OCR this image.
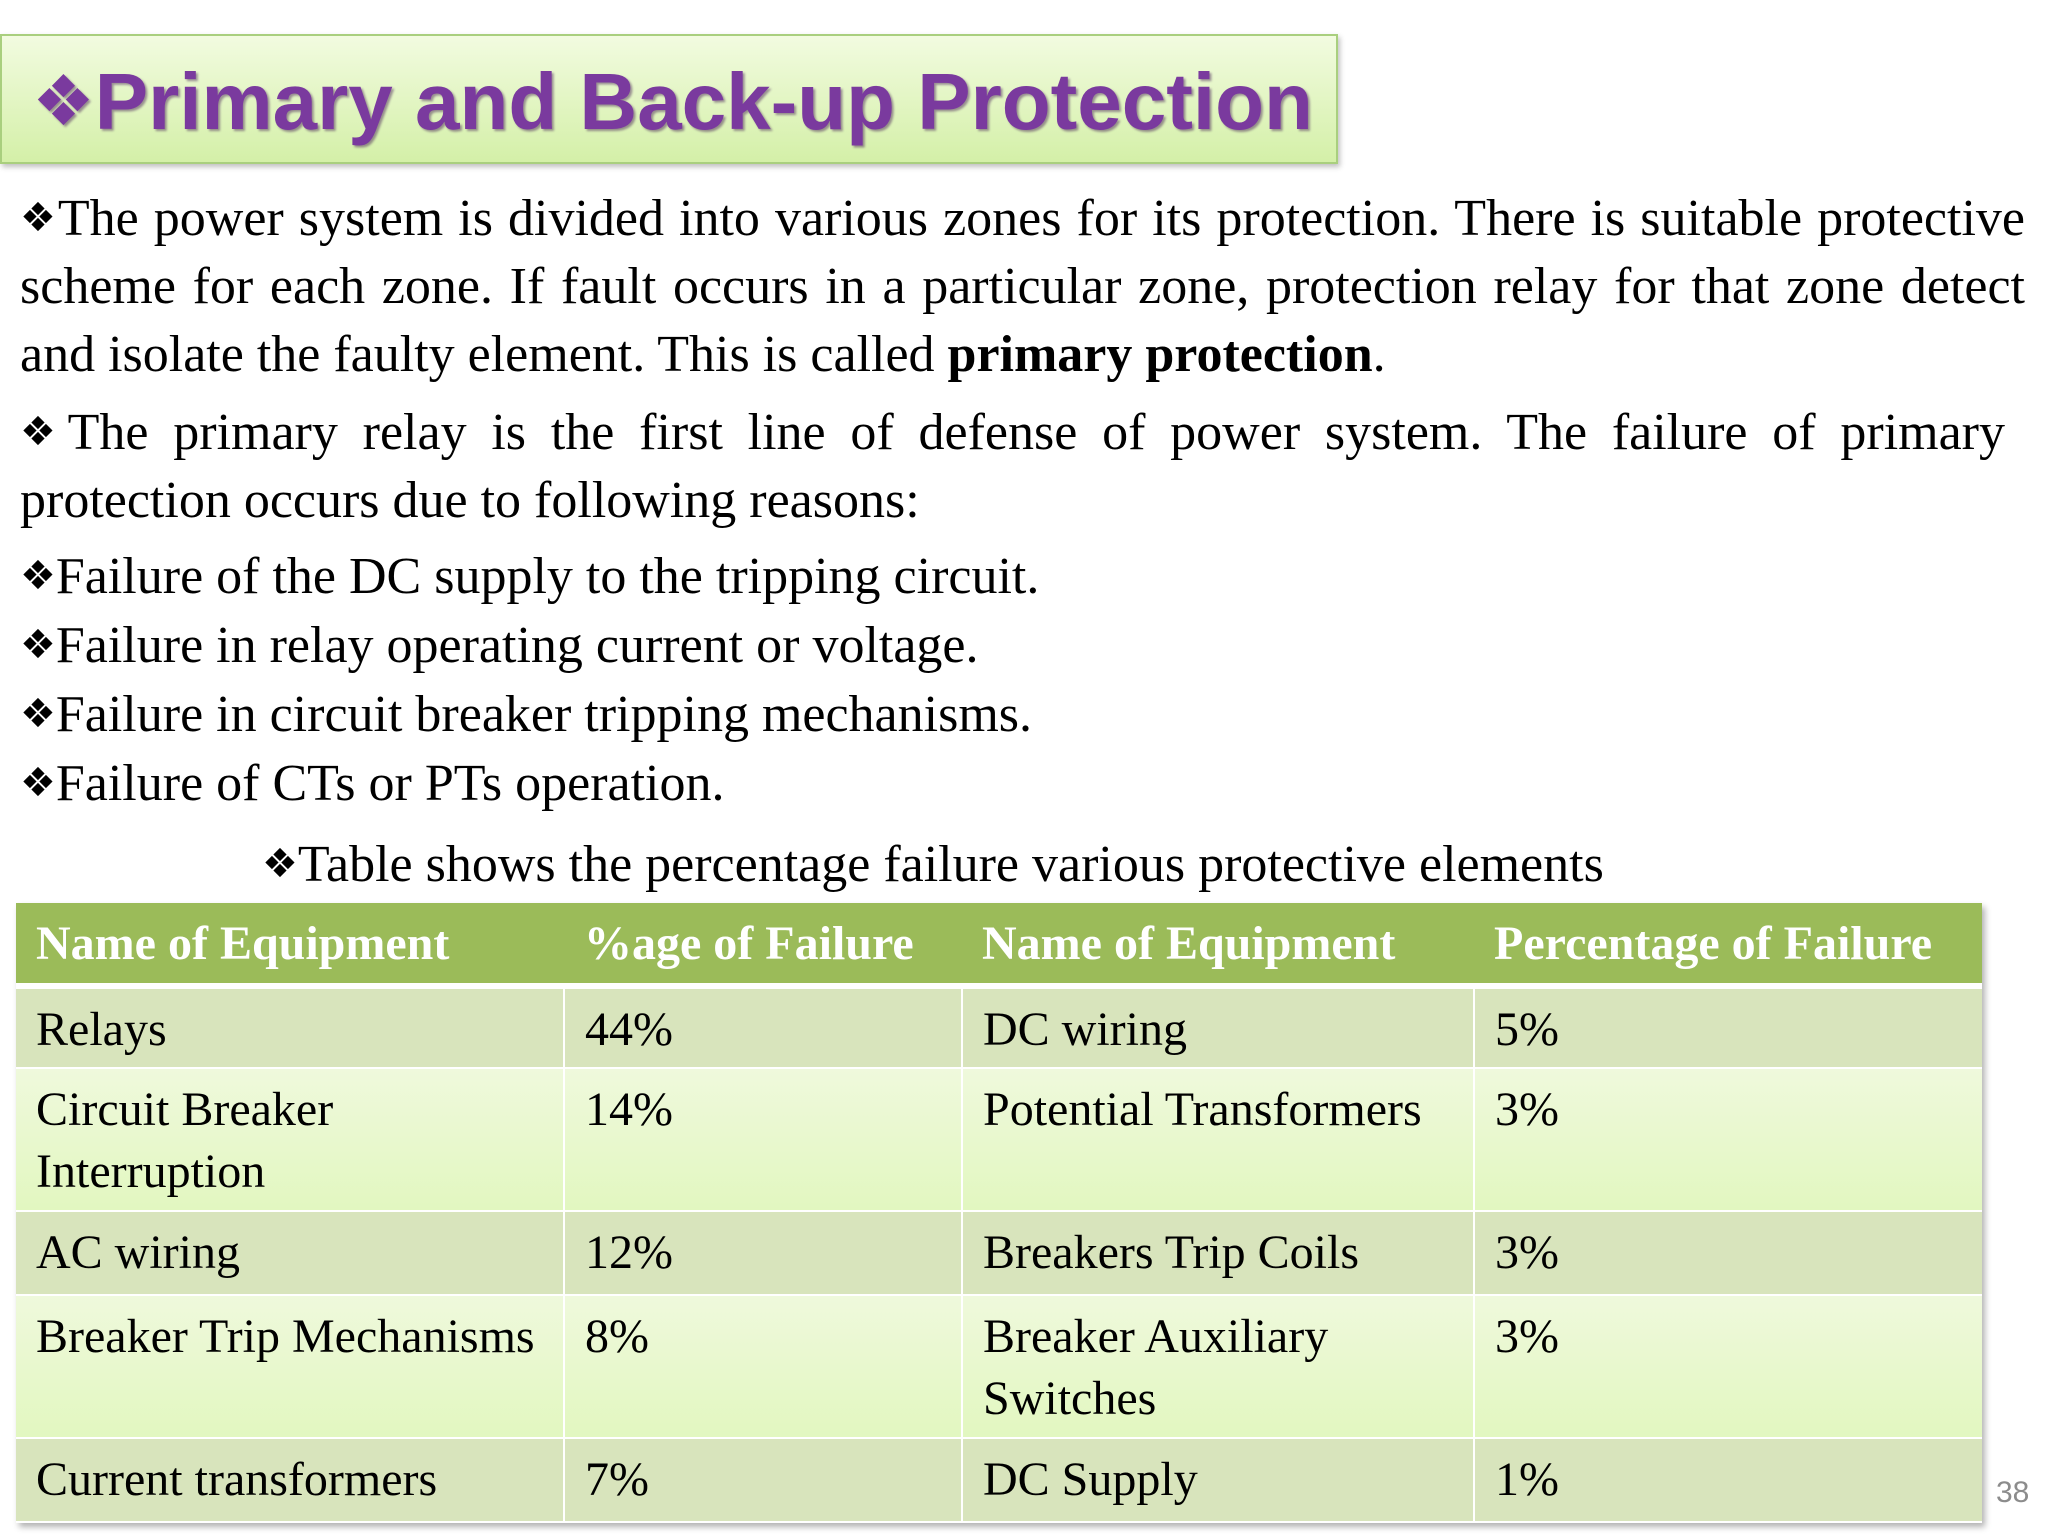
❖Primary and Back-up Protection
❖The power system is divided into various zones for its protection. There is suitable protective scheme for each zone. If fault occurs in a particular zone, protection relay for that zone detect and isolate the faulty element. This is called primary protection.
❖The primary relay is the first line of defense of power system. The failure of primary protection occurs due to following reasons:
❖Failure of the DC supply to the tripping circuit.
❖Failure in relay operating current or voltage.
❖Failure in circuit breaker tripping mechanisms.
❖Failure of CTs or PTs operation.
❖Table shows the percentage failure various protective elements
Name of Equipment	%age of Failure	Name of Equipment	Percentage of Failure
Relays	44%	DC wiring	5%
Circuit Breaker Interruption	14%	Potential Transformers	3%
AC wiring	12%	Breakers Trip Coils	3%
Breaker Trip Mechanisms	8%	Breaker Auxiliary Switches	3%
Current transformers	7%	DC Supply	1%	38
